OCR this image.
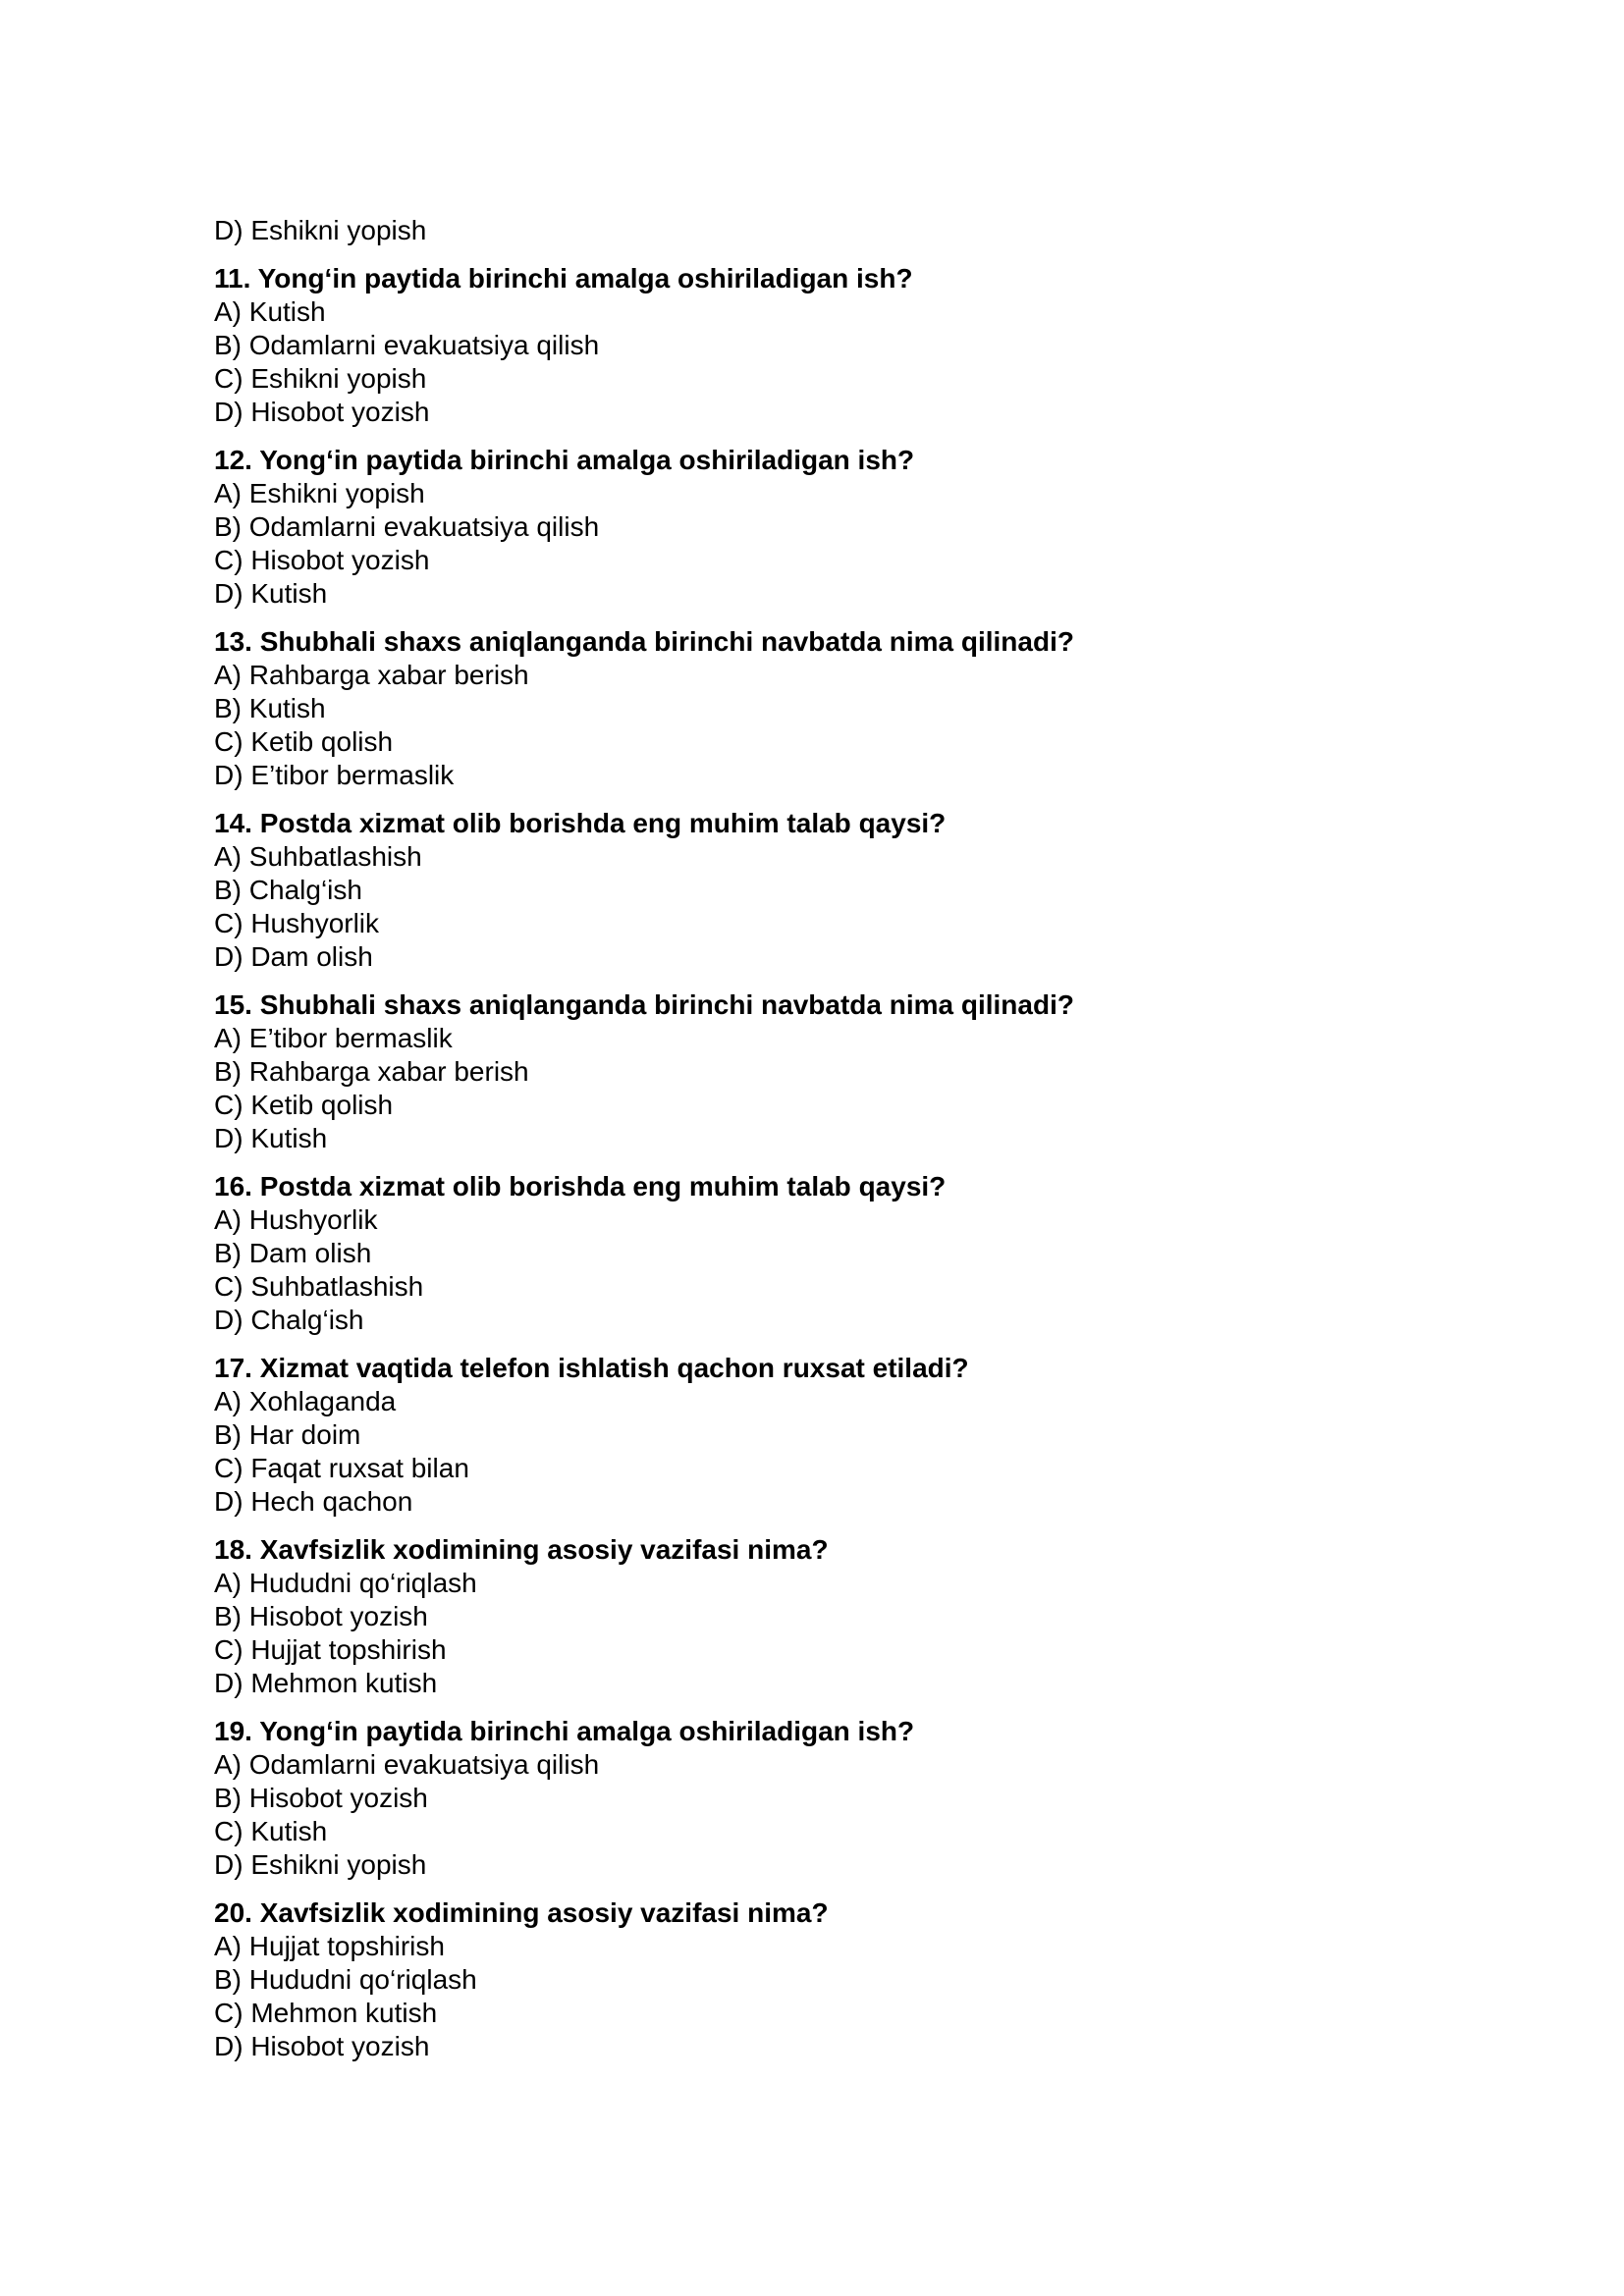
D) Eshikni yopish
11. Yong‘in paytida birinchi amalga oshiriladigan ish?
A) Kutish
B) Odamlarni evakuatsiya qilish
C) Eshikni yopish
D) Hisobot yozish
12. Yong‘in paytida birinchi amalga oshiriladigan ish?
A) Eshikni yopish
B) Odamlarni evakuatsiya qilish
C) Hisobot yozish
D) Kutish
13. Shubhali shaxs aniqlanganda birinchi navbatda nima qilinadi?
A) Rahbarga xabar berish
B) Kutish
C) Ketib qolish
D) E’tibor bermaslik
14. Postda xizmat olib borishda eng muhim talab qaysi?
A) Suhbatlashish
B) Chalg‘ish
C) Hushyorlik
D) Dam olish
15. Shubhali shaxs aniqlanganda birinchi navbatda nima qilinadi?
A) E’tibor bermaslik
B) Rahbarga xabar berish
C) Ketib qolish
D) Kutish
16. Postda xizmat olib borishda eng muhim talab qaysi?
A) Hushyorlik
B) Dam olish
C) Suhbatlashish
D) Chalg‘ish
17. Xizmat vaqtida telefon ishlatish qachon ruxsat etiladi?
A) Xohlaganda
B) Har doim
C) Faqat ruxsat bilan
D) Hech qachon
18. Xavfsizlik xodimining asosiy vazifasi nima?
A) Hududni qo‘riqlash
B) Hisobot yozish
C) Hujjat topshirish
D) Mehmon kutish
19. Yong‘in paytida birinchi amalga oshiriladigan ish?
A) Odamlarni evakuatsiya qilish
B) Hisobot yozish
C) Kutish
D) Eshikni yopish
20. Xavfsizlik xodimining asosiy vazifasi nima?
A) Hujjat topshirish
B) Hududni qo‘riqlash
C) Mehmon kutish
D) Hisobot yozish
